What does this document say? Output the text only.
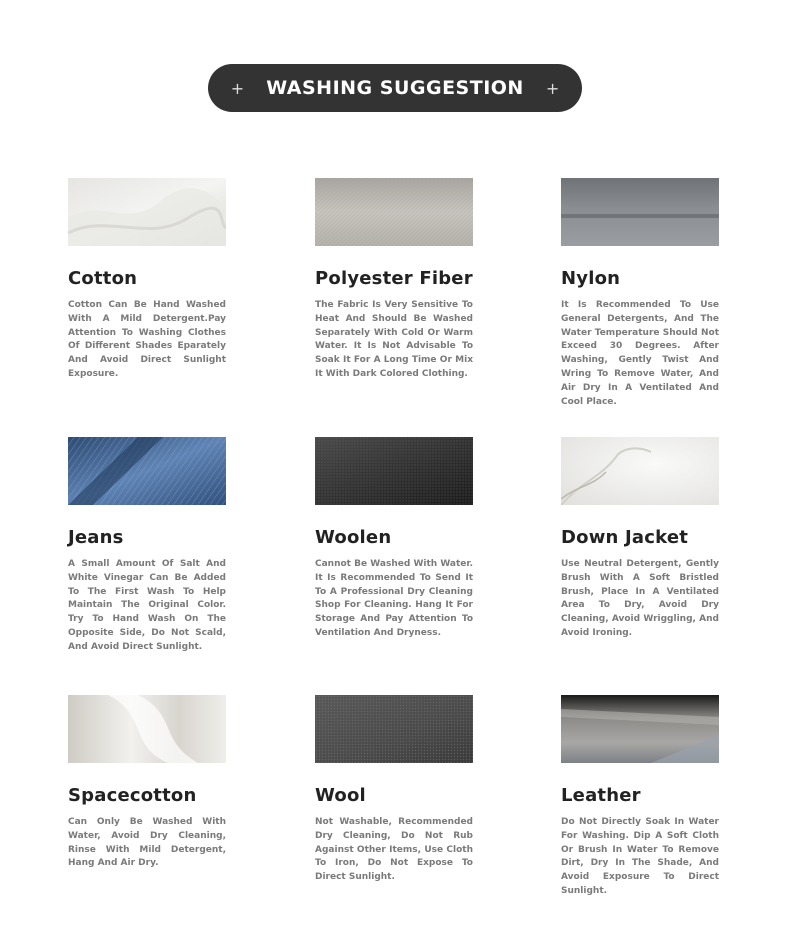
+ WASHING SUGGESTION +
Cotton
Cotton Can Be Hand Washed With A Mild Detergent.Pay Attention To Washing Clothes Of Different Shades Eparately And Avoid Direct Sunlight Exposure.
Polyester Fiber
The Fabric Is Very Sensitive To Heat And Should Be Washed Separately With Cold Or Warm Water. It Is Not Advisable To Soak It For A Long Time Or Mix It With Dark Colored Clothing.
Nylon
It Is Recommended To Use General Detergents, And The Water Temperature Should Not Exceed 30 Degrees. After Washing, Gently Twist And Wring To Remove Water, And Air Dry In A Ventilated And Cool Place.
Jeans
A Small Amount Of Salt And White Vinegar Can Be Added To The First Wash To Help Maintain The Original Color. Try To Hand Wash On The Opposite Side, Do Not Scald, And Avoid Direct Sunlight.
Woolen
Cannot Be Washed With Water. It Is Recommended To Send It To A Professional Dry Cleaning Shop For Cleaning. Hang It For Storage And Pay Attention To Ventilation And Dryness.
Down Jacket
Use Neutral Detergent, Gently Brush With A Soft Bristled Brush, Place In A Ventilated Area To Dry, Avoid Dry Cleaning, Avoid Wriggling, And Avoid Ironing.
Spacecotton
Can Only Be Washed With Water, Avoid Dry Cleaning, Rinse With Mild Detergent, Hang And Air Dry.
Wool
Not Washable, Recommended Dry Cleaning, Do Not Rub Against Other Items, Use Cloth To Iron, Do Not Expose To Direct Sunlight.
Leather
Do Not Directly Soak In Water For Washing. Dip A Soft Cloth Or Brush In Water To Remove Dirt, Dry In The Shade, And Avoid Exposure To Direct Sunlight.
